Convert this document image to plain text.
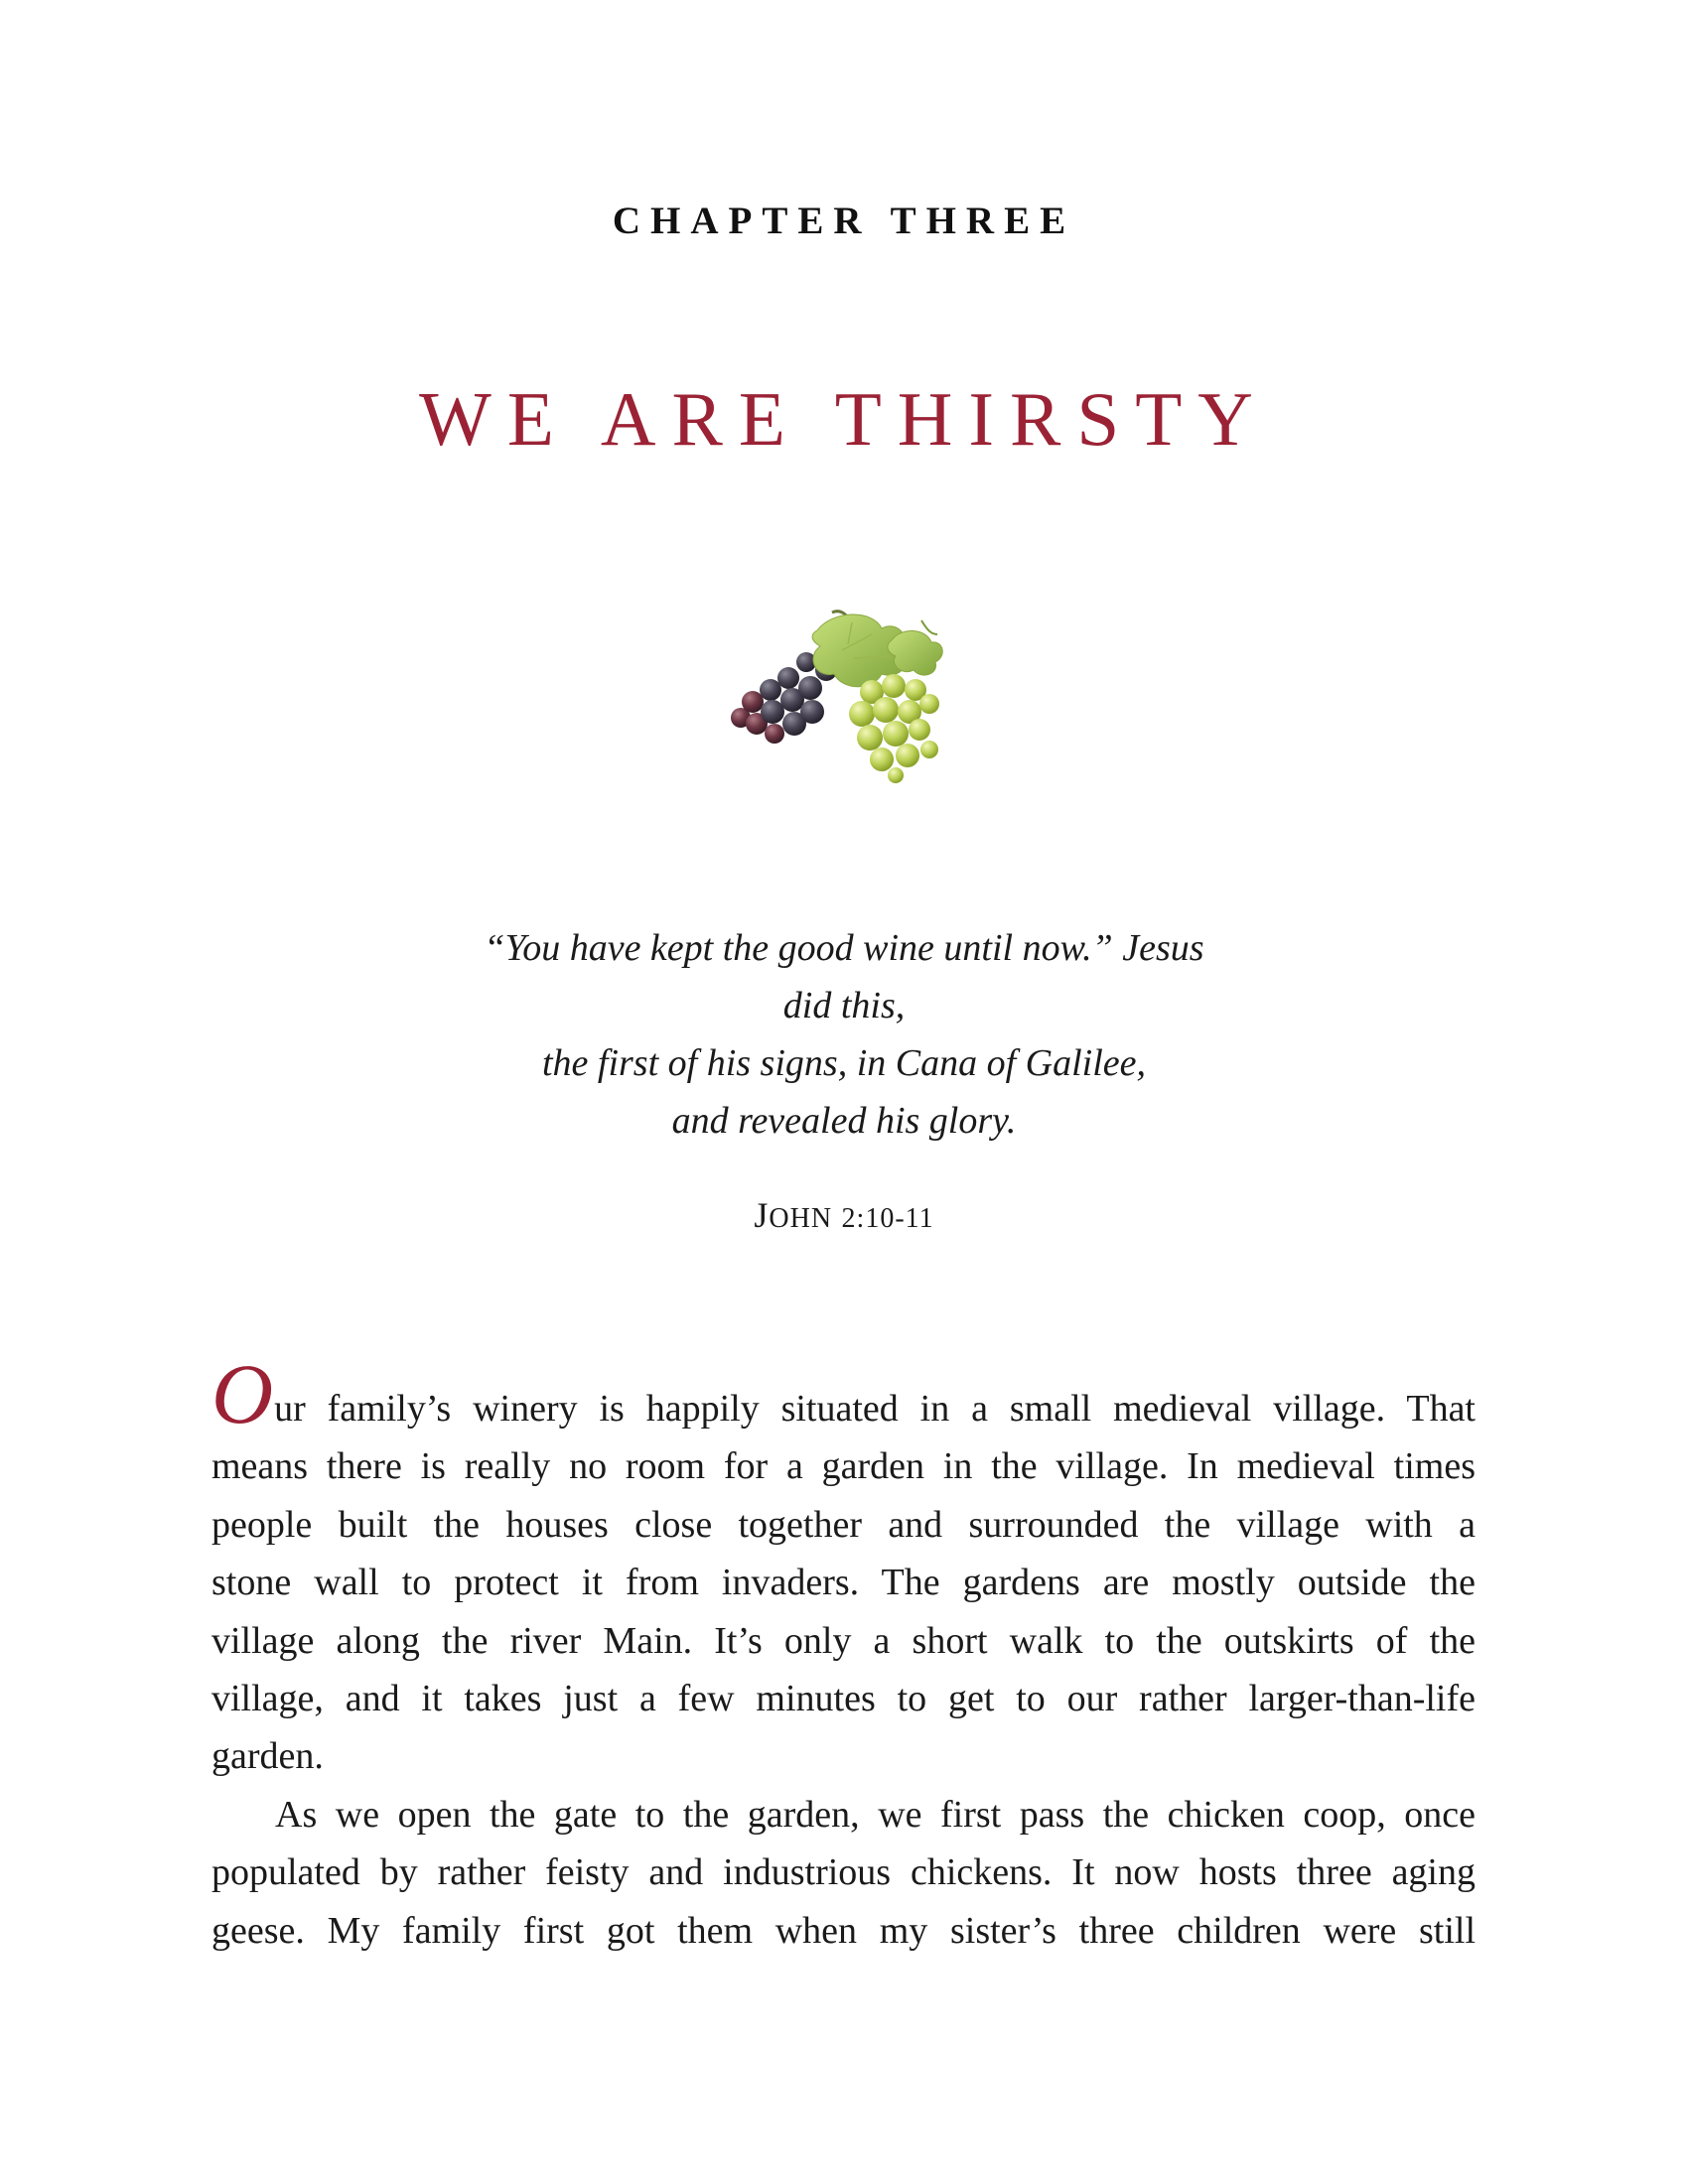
CHAPTER THREE
WE ARE THIRSTY
“You have kept the good wine until now.” Jesus
did this,
the first of his signs, in Cana of Galilee,
and revealed his glory.
JOHN 2:10-11
Our family’s winery is happily situated in a small medieval village. That
means there is really no room for a garden in the village. In medieval times
people built the houses close together and surrounded the village with a
stone wall to protect it from invaders. The gardens are mostly outside the
village along the river Main. It’s only a short walk to the outskirts of the
village, and it takes just a few minutes to get to our rather larger-than-life
garden.
As we open the gate to the garden, we first pass the chicken coop, once
populated by rather feisty and industrious chickens. It now hosts three aging
geese. My family first got them when my sister’s three children were still
